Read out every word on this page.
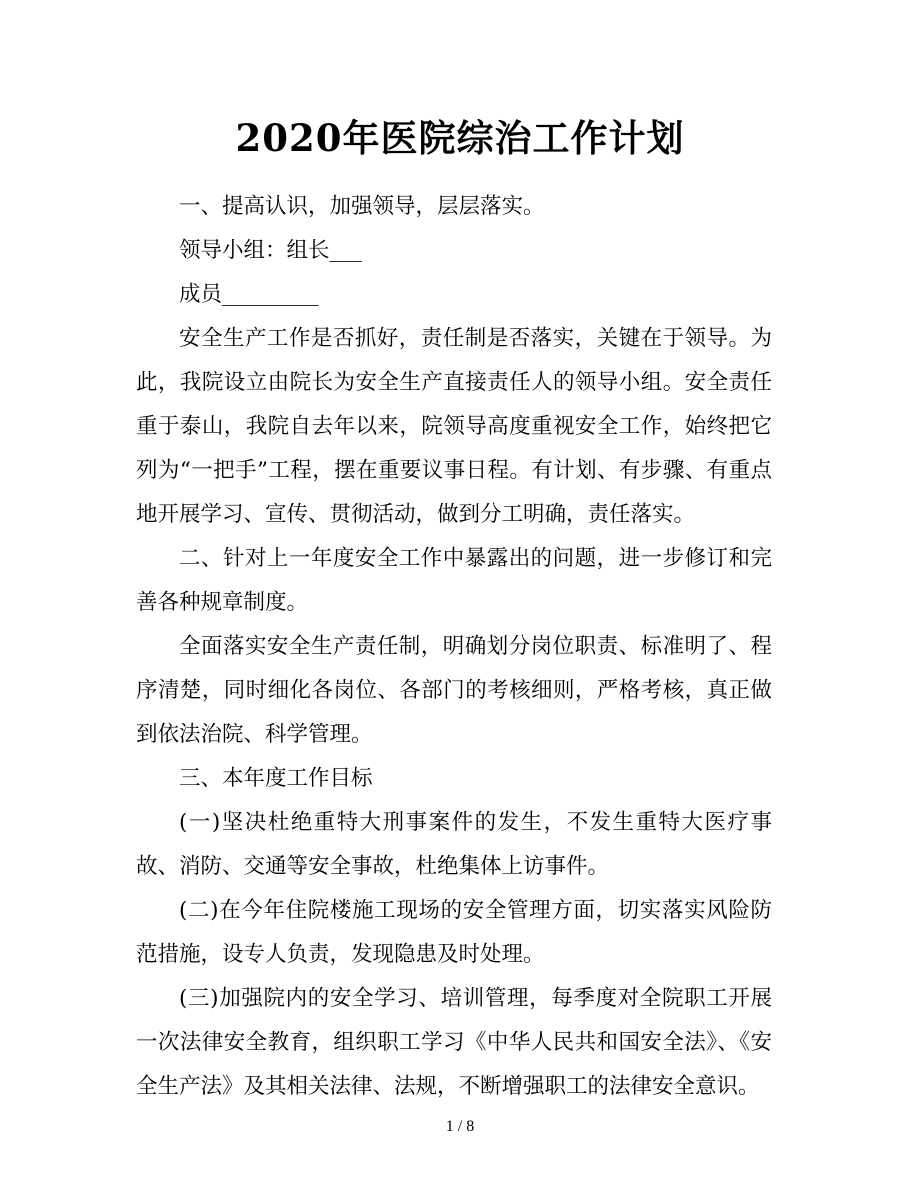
2020年医院综治工作计划

一、提高认识，加强领导，层层落实。

领导小组：组长___

成员_________

安全生产工作是否抓好，责任制是否落实，关键在于领导。为此，我院设立由院长为安全生产直接责任人的领导小组。安全责任重于泰山，我院自去年以来，院领导高度重视安全工作，始终把它列为“一把手”工程，摆在重要议事日程。有计划、有步骤、有重点地开展学习、宣传、贯彻活动，做到分工明确，责任落实。

二、针对上一年度安全工作中暴露出的问题，进一步修订和完善各种规章制度。

全面落实安全生产责任制，明确划分岗位职责、标准明了、程序清楚，同时细化各岗位、各部门的考核细则，严格考核，真正做到依法治院、科学管理。

三、本年度工作目标

(一)坚决杜绝重特大刑事案件的发生，不发生重特大医疗事故、消防、交通等安全事故，杜绝集体上访事件。

(二)在今年住院楼施工现场的安全管理方面，切实落实风险防范措施，设专人负责，发现隐患及时处理。

(三)加强院内的安全学习、培训管理，每季度对全院职工开展一次法律安全教育，组织职工学习《中华人民共和国安全法》、《安全生产法》及其相关法律、法规，不断增强职工的法律安全意识。

1 / 8
